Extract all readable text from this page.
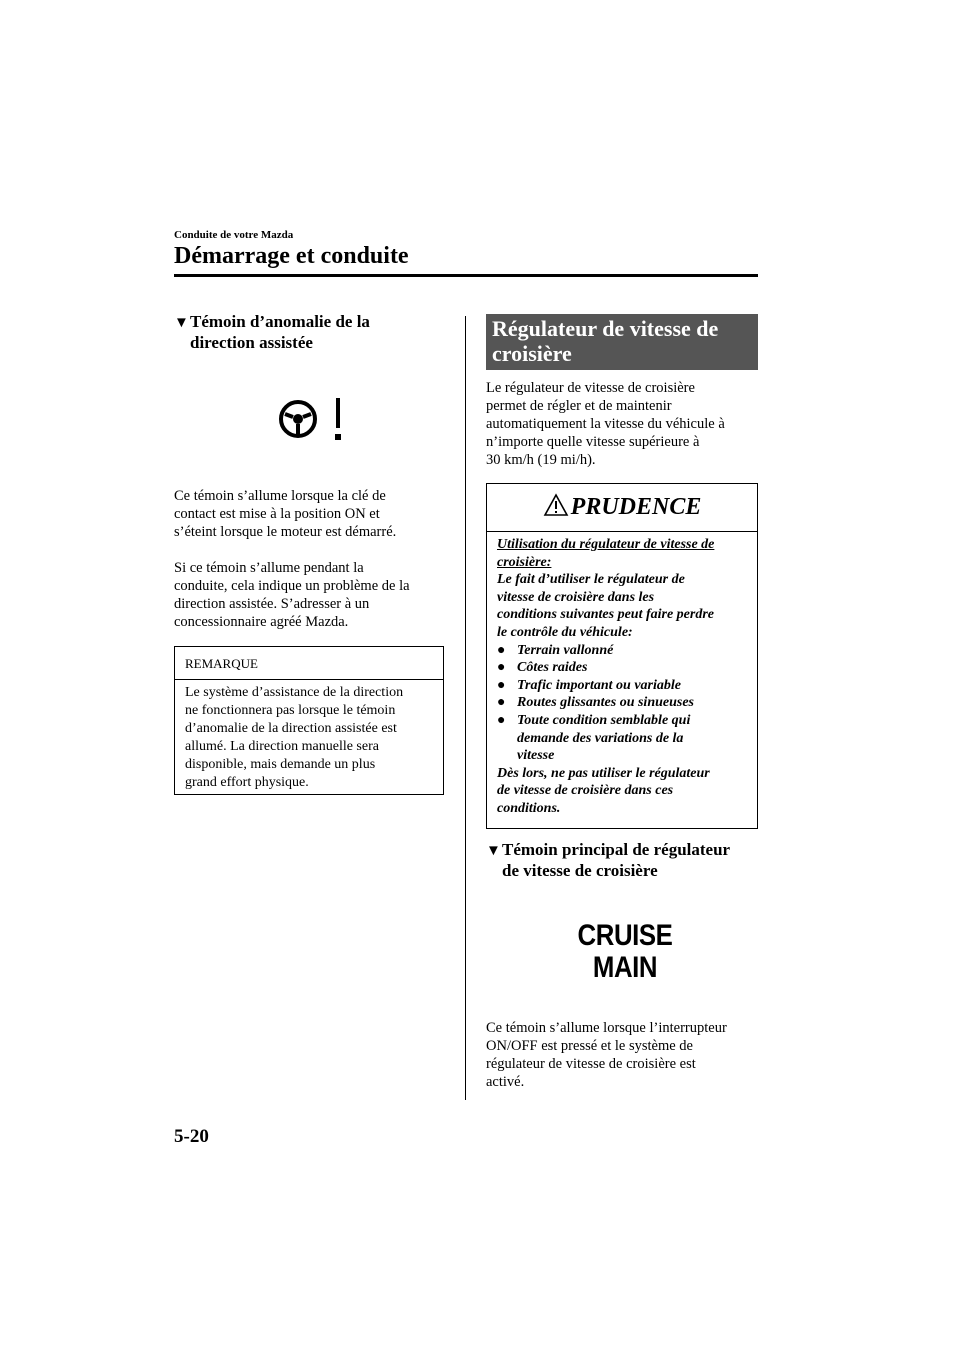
Conduite de votre Mazda
Démarrage et conduite
▼Témoin d’anomalie de la
direction assistée
Ce témoin s’allume lorsque la clé de
contact est mise à la position ON et
s’éteint lorsque le moteur est démarré.
Si ce témoin s’allume pendant la
conduite, cela indique un problème de la
direction assistée. S’adresser à un
concessionnaire agréé Mazda.
REMARQUE
Le système d’assistance de la direction
ne fonctionnera pas lorsque le témoin
d’anomalie de la direction assistée est
allumé. La direction manuelle sera
disponible, mais demande un plus
grand effort physique.
Régulateur de vitesse de
croisière
Le régulateur de vitesse de croisière
permet de régler et de maintenir
automatiquement la vitesse du véhicule à
n’importe quelle vitesse supérieure à
30 km/h (19 mi/h).
PRUDENCE
Utilisation du régulateur de vitesse de
croisière:
Le fait d’utiliser le régulateur de
vitesse de croisière dans les
conditions suivantes peut faire perdre
le contrôle du véhicule:
● Terrain vallonné
● Côtes raides
● Trafic important ou variable
● Routes glissantes ou sinueuses
● Toute condition semblable qui demande des variations de la vitesse
Dès lors, ne pas utiliser le régulateur
de vitesse de croisière dans ces
conditions.
▼Témoin principal de régulateur
de vitesse de croisière
CRUISE
MAIN
Ce témoin s’allume lorsque l’interrupteur
ON/OFF est pressé et le système de
régulateur de vitesse de croisière est
activé.
5-20
